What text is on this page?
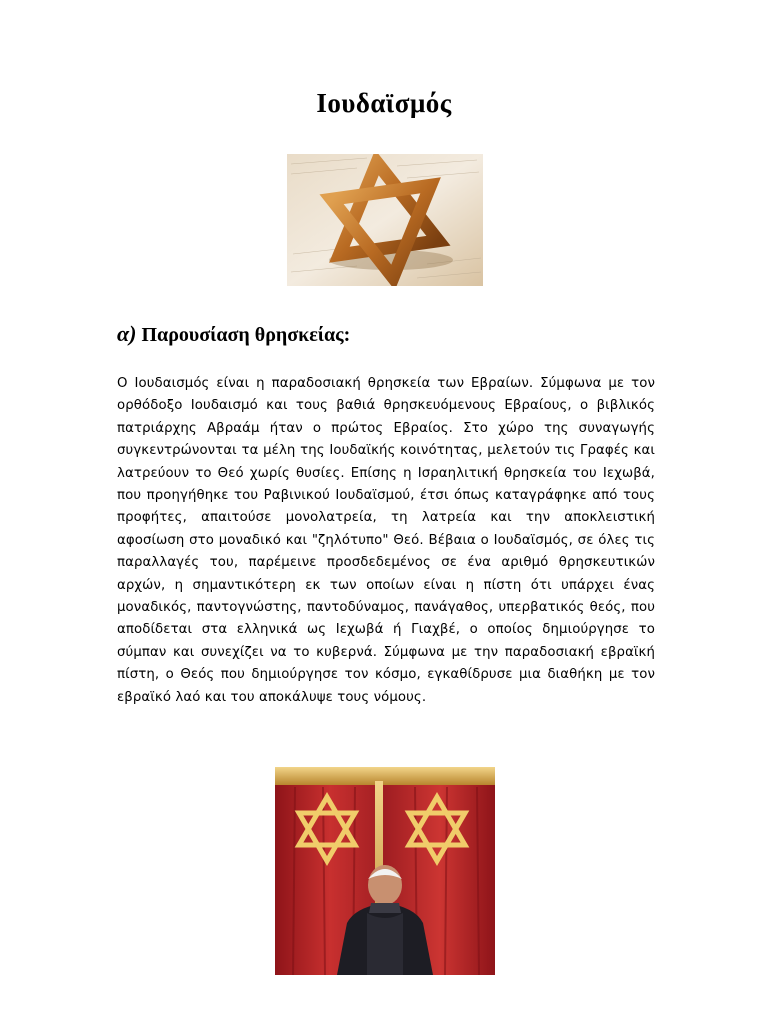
Ιουδαϊσμός
α) Παρουσίαση θρησκείας:
Ο Ιουδαισμός είναι η παραδοσιακή θρησκεία των Εβραίων. Σύμφωνα με τον ορθόδοξο Ιουδαισμό και τους βαθιά θρησκευόμενους Εβραίους, ο βιβλικός πατριάρχης Αβραάμ ήταν ο πρώτος Εβραίος. Στο χώρο της συναγωγής συγκεντρώνονται τα μέλη της Ιουδαϊκής κοινότητας, μελετούν τις Γραφές και λατρεύουν το Θεό χωρίς θυσίες. Επίσης η Ισραηλιτική θρησκεία του Ιεχωβά, που προηγήθηκε του Ραβινικού Ιουδαϊσμού, έτσι όπως καταγράφηκε από τους προφήτες, απαιτούσε μονολατρεία, τη λατρεία και την αποκλειστική αφοσίωση στο μοναδικό και "ζηλότυπο" Θεό. Βέβαια ο Ιουδαϊσμός, σε όλες τις παραλλαγές του, παρέμεινε προσδεδεμένος σε ένα αριθμό θρησκευτικών αρχών, η σημαντικότερη εκ των οποίων είναι η πίστη ότι υπάρχει ένας μοναδικός, παντογνώστης, παντοδύναμος, πανάγαθος, υπερβατικός θεός, που αποδίδεται στα ελληνικά ως Ιεχωβά ή Γιαχβέ, ο οποίος δημιούργησε το σύμπαν και συνεχίζει να το κυβερνά. Σύμφωνα με την παραδοσιακή εβραϊκή πίστη, ο Θεός που δημιούργησε τον κόσμο, εγκαθίδρυσε μια διαθήκη με τον εβραϊκό λαό και του αποκάλυψε τους νόμους.
